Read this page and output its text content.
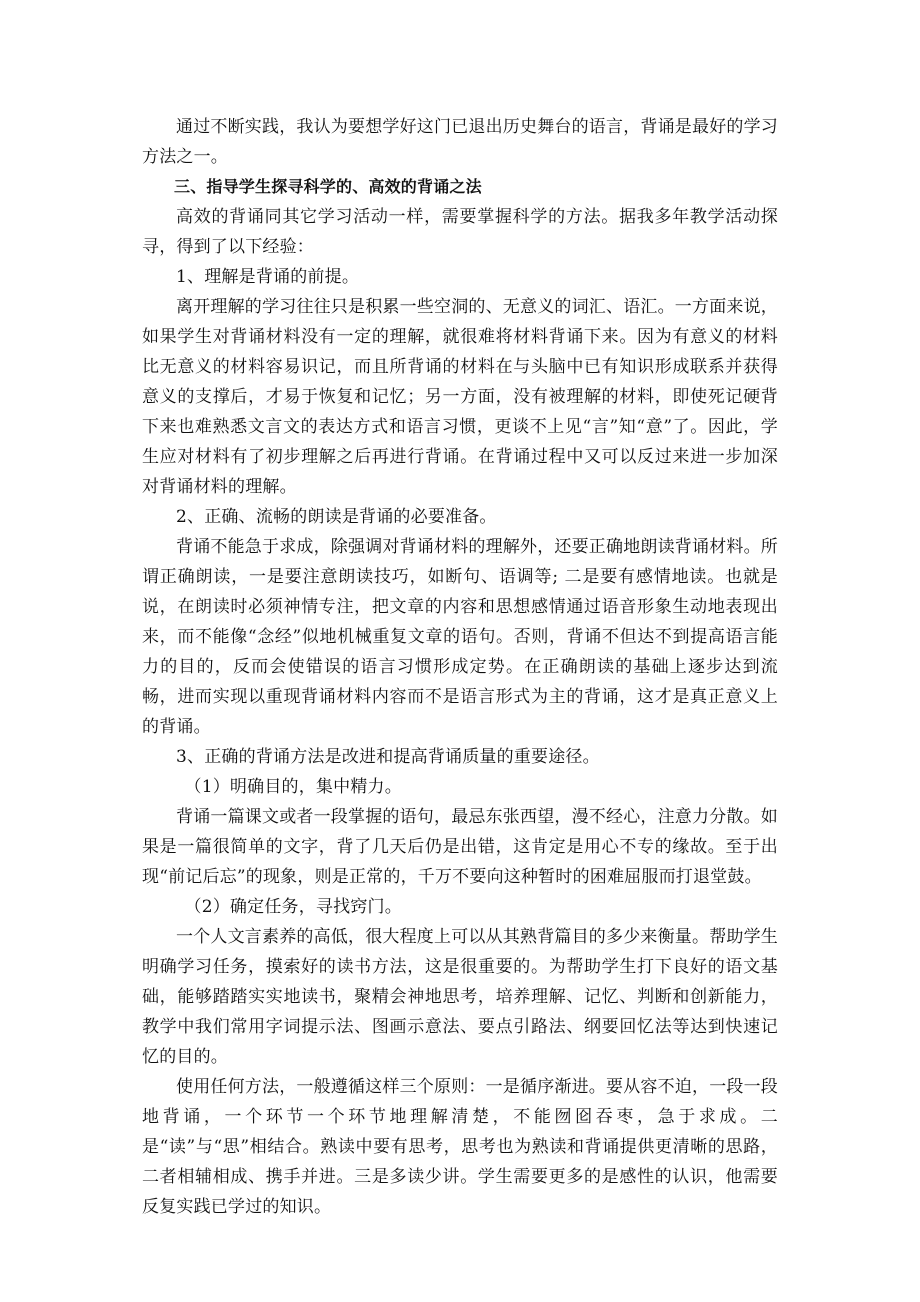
通过不断实践，我认为要想学好这门已退出历史舞台的语言，背诵是最好的学习方法之一。

三、指导学生探寻科学的、高效的背诵之法

高效的背诵同其它学习活动一样，需要掌握科学的方法。据我多年教学活动探寻，得到了以下经验：

1、理解是背诵的前提。

离开理解的学习往往只是积累一些空洞的、无意义的词汇、语汇。一方面来说，如果学生对背诵材料没有一定的理解，就很难将材料背诵下来。因为有意义的材料比无意义的材料容易识记，而且所背诵的材料在与头脑中已有知识形成联系并获得意义的支撑后，才易于恢复和记忆；另一方面，没有被理解的材料，即使死记硬背下来也难熟悉文言文的表达方式和语言习惯，更谈不上见“言”知“意”了。因此，学生应对材料有了初步理解之后再进行背诵。在背诵过程中又可以反过来进一步加深对背诵材料的理解。

2、正确、流畅的朗读是背诵的必要准备。

背诵不能急于求成，除强调对背诵材料的理解外，还要正确地朗读背诵材料。所谓正确朗读，一是要注意朗读技巧，如断句、语调等; 二是要有感情地读。也就是说，在朗读时必须神情专注，把文章的内容和思想感情通过语音形象生动地表现出来，而不能像“念经”似地机械重复文章的语句。否则，背诵不但达不到提高语言能力的目的，反而会使错误的语言习惯形成定势。在正确朗读的基础上逐步达到流畅，进而实现以重现背诵材料内容而不是语言形式为主的背诵，这才是真正意义上的背诵。

3、正确的背诵方法是改进和提高背诵质量的重要途径。

（1）明确目的，集中精力。

背诵一篇课文或者一段掌握的语句，最忌东张西望，漫不经心，注意力分散。如果是一篇很简单的文字，背了几天后仍是出错，这肯定是用心不专的缘故。至于出现“前记后忘”的现象，则是正常的，千万不要向这种暂时的困难屈服而打退堂鼓。

（2）确定任务，寻找窍门。

一个人文言素养的高低，很大程度上可以从其熟背篇目的多少来衡量。帮助学生明确学习任务，摸索好的读书方法，这是很重要的。为帮助学生打下良好的语文基础，能够踏踏实实地读书，聚精会神地思考，培养理解、记忆、判断和创新能力，教学中我们常用字词提示法、图画示意法、要点引路法、纲要回忆法等达到快速记忆的目的。

使用任何方法，一般遵循这样三个原则：一是循序渐进。要从容不迫，一段一段地背诵，一个环节一个环节地理解清楚，不能囫囵吞枣，急于求成。二是“读”与“思”相结合。熟读中要有思考，思考也为熟读和背诵提供更清晰的思路，二者相辅相成、携手并进。三是多读少讲。学生需要更多的是感性的认识，他需要反复实践已学过的知识。
